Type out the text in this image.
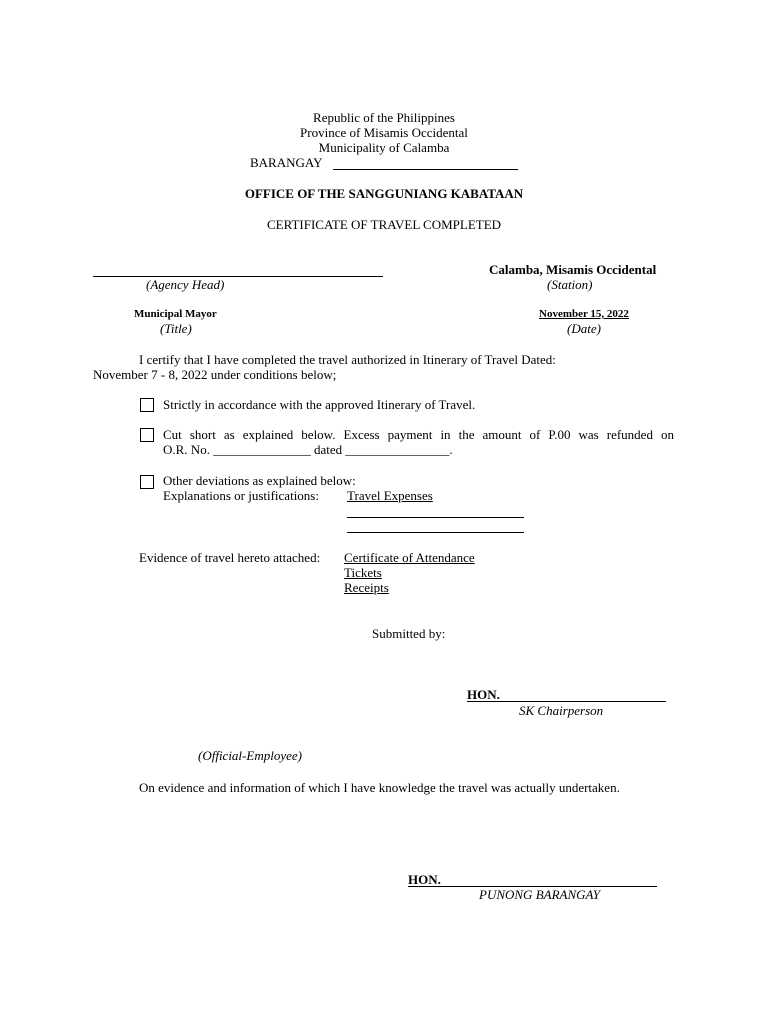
Republic of the Philippines
Province of Misamis Occidental
Municipality of Calamba
BARANGAY
OFFICE OF THE SANGGUNIANG KABATAAN
CERTIFICATE OF TRAVEL COMPLETED
(Agency Head)
Calamba, Misamis Occidental
(Station)
Municipal Mayor
(Title)
November 15, 2022
(Date)
I certify that I have completed the travel authorized in Itinerary of Travel Dated:
November 7 - 8, 2022 under conditions below;
Strictly in accordance with the approved Itinerary of Travel.
Cut short as explained below. Excess payment in the amount of P.00 was refunded on
O.R. No. _______________ dated ________________.
Other deviations as explained below:
Explanations or justifications: Travel Expenses
Evidence of travel hereto attached: Certificate of Attendance
Tickets
Receipts
Submitted by:
HON.
SK Chairperson
(Official-Employee)
On evidence and information of which I have knowledge the travel was actually undertaken.
HON.
PUNONG BARANGAY
